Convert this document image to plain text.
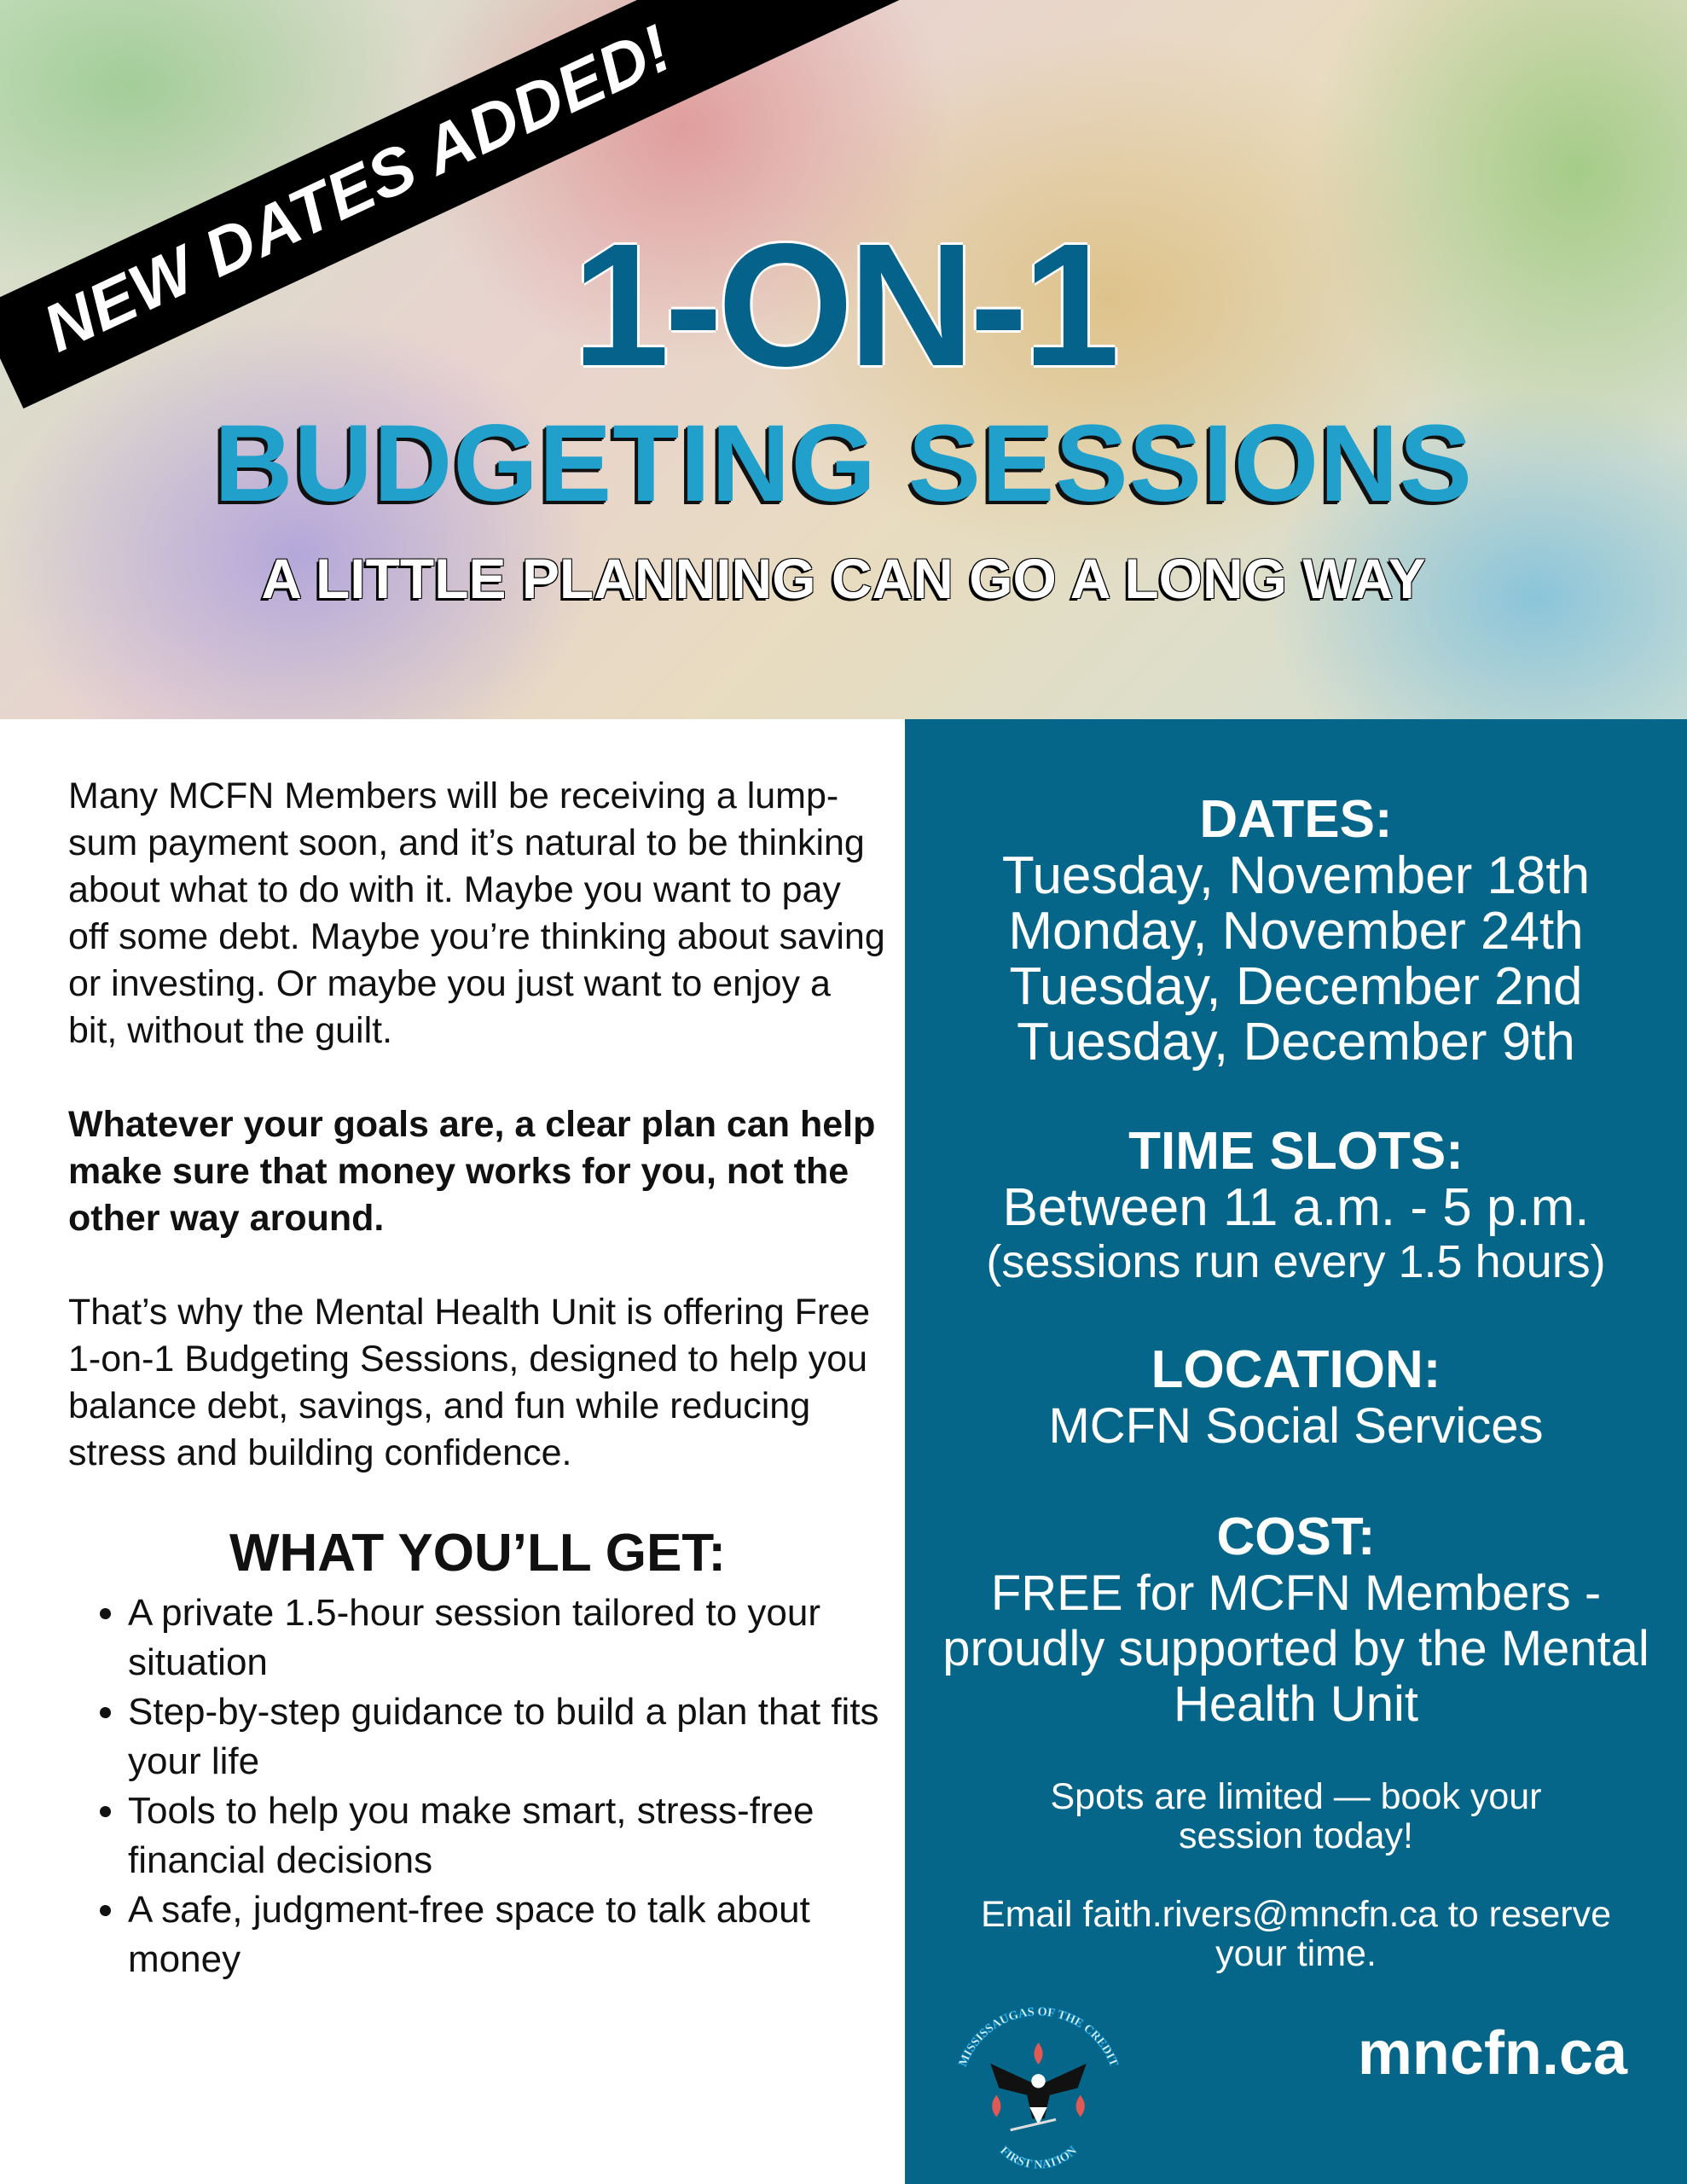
NEW DATES ADDED!
1-ON-1
BUDGETING SESSIONS
A LITTLE PLANNING CAN GO A LONG WAY

Many MCFN Members will be receiving a lump-sum payment soon, and it’s natural to be thinking about what to do with it. Maybe you want to pay off some debt. Maybe you’re thinking about saving or investing. Or maybe you just want to enjoy a bit, without the guilt.

Whatever your goals are, a clear plan can help make sure that money works for you, not the other way around.

That’s why the Mental Health Unit is offering Free 1-on-1 Budgeting Sessions, designed to help you balance debt, savings, and fun while reducing stress and building confidence.

WHAT YOU’LL GET:
• A private 1.5-hour session tailored to your situation
• Step-by-step guidance to build a plan that fits your life
• Tools to help you make smart, stress-free financial decisions
• A safe, judgment-free space to talk about money
DATES:
Tuesday, November 18th
Monday, November 24th
Tuesday, December 2nd
Tuesday, December 9th
TIME SLOTS:
Between 11 a.m. - 5 p.m.
(sessions run every 1.5 hours)
LOCATION:
MCFN Social Services
COST:
FREE for MCFN Members - proudly supported by the Mental Health Unit
Spots are limited — book your session today!
Email faith.rivers@mncfn.ca to reserve your time.
MISSISSAUGAS OF THE CREDIT
FIRST NATION
mncfn.ca
